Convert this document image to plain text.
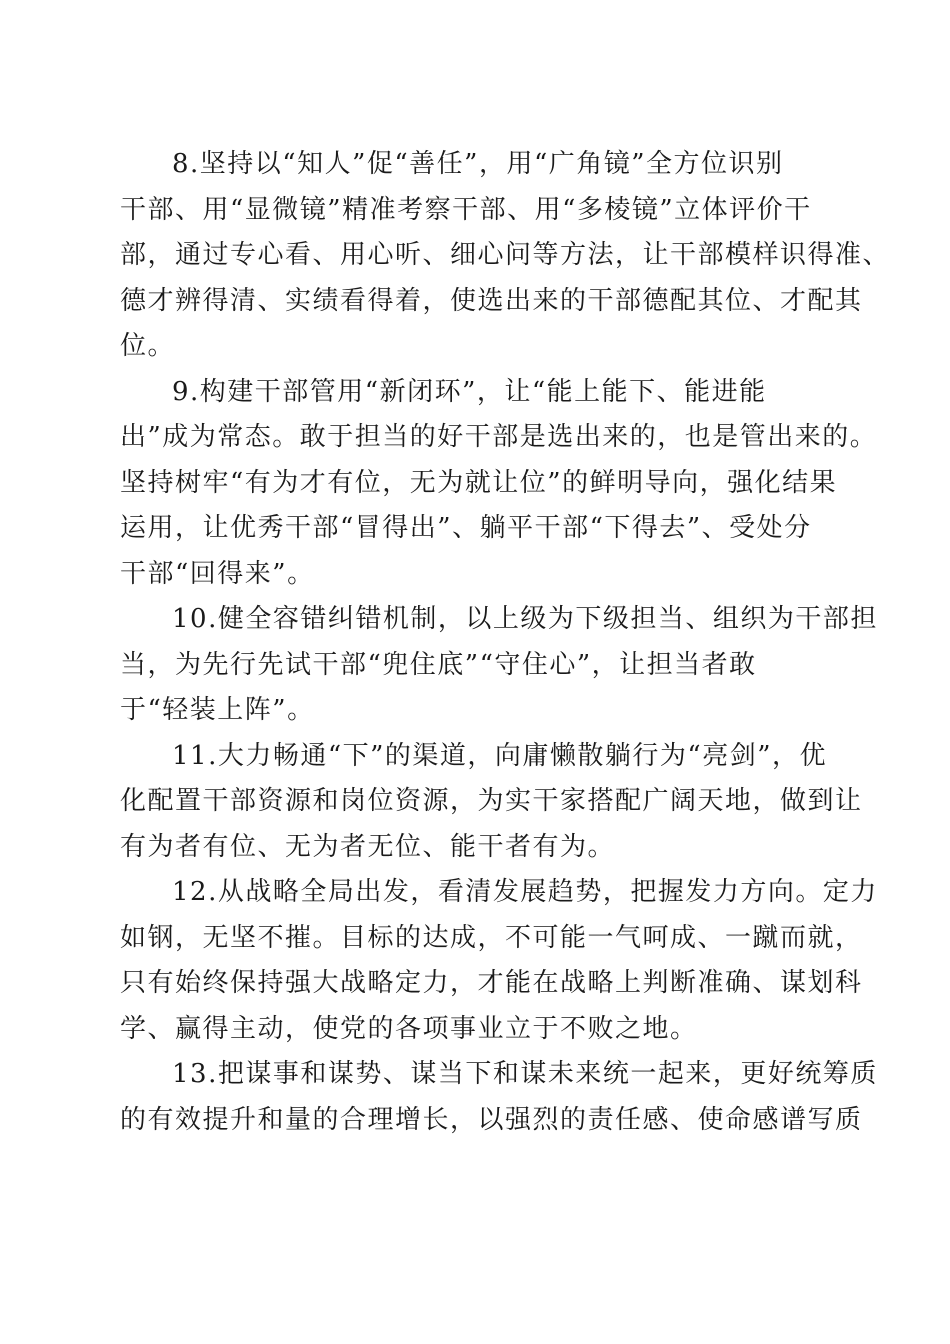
8.坚持以“知人”促“善任”，用“广角镜”全方位识别
干部、用“显微镜”精准考察干部、用“多棱镜”立体评价干
部，通过专心看、用心听、细心问等方法，让干部模样识得准、
德才辨得清、实绩看得着，使选出来的干部德配其位、才配其
位。
9.构建干部管用“新闭环”，让“能上能下、能进能
出”成为常态。敢于担当的好干部是选出来的，也是管出来的。
坚持树牢“有为才有位，无为就让位”的鲜明导向，强化结果
运用，让优秀干部“冒得出”、躺平干部“下得去”、受处分
干部“回得来”。
10.健全容错纠错机制，以上级为下级担当、组织为干部担
当，为先行先试干部“兜住底”“守住心”，让担当者敢
于“轻装上阵”。
11.大力畅通“下”的渠道，向庸懒散躺行为“亮剑”，优
化配置干部资源和岗位资源，为实干家搭配广阔天地，做到让
有为者有位、无为者无位、能干者有为。
12.从战略全局出发，看清发展趋势，把握发力方向。定力
如钢，无坚不摧。目标的达成，不可能一气呵成、一蹴而就，
只有始终保持强大战略定力，才能在战略上判断准确、谋划科
学、赢得主动，使党的各项事业立于不败之地。
13.把谋事和谋势、谋当下和谋未来统一起来，更好统筹质
的有效提升和量的合理增长，以强烈的责任感、使命感谱写质
